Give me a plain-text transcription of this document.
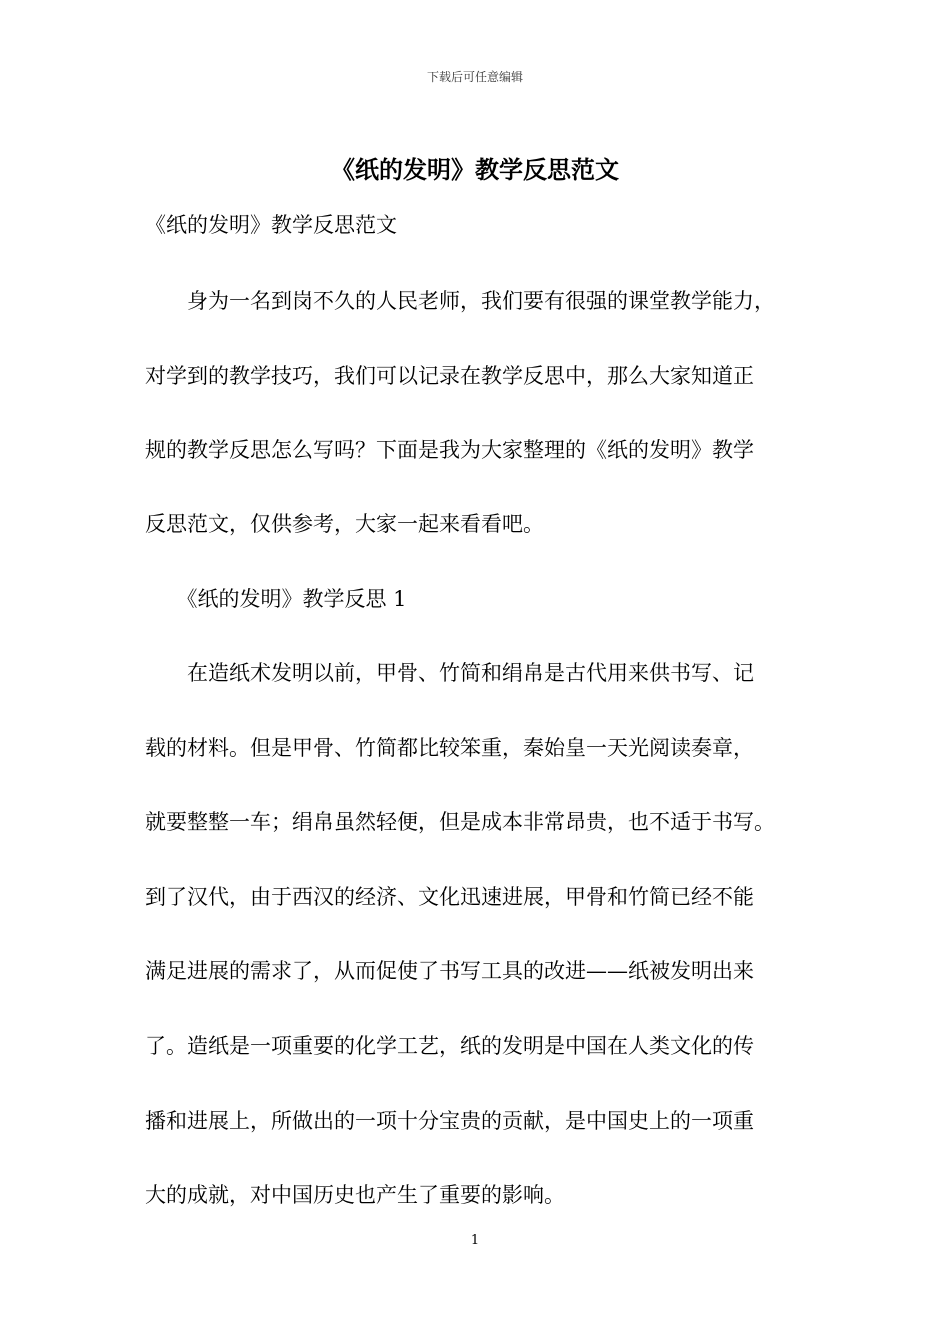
下载后可任意编辑
《纸的发明》教学反思范文
《纸的发明》教学反思范文
　　身为一名到岗不久的人民老师，我们要有很强的课堂教学能力，
对学到的教学技巧，我们可以记录在教学反思中，那么大家知道正
规的教学反思怎么写吗？下面是我为大家整理的《纸的发明》教学
反思范文，仅供参考，大家一起来看看吧。
　　《纸的发明》教学反思 1
　　在造纸术发明以前，甲骨、竹简和绢帛是古代用来供书写、记
载的材料。但是甲骨、竹简都比较笨重，秦始皇一天光阅读奏章，
就要整整一车；绢帛虽然轻便，但是成本非常昂贵，也不适于书写。
到了汉代，由于西汉的经济、文化迅速进展，甲骨和竹简已经不能
满足进展的需求了，从而促使了书写工具的改进——纸被发明出来
了。造纸是一项重要的化学工艺，纸的发明是中国在人类文化的传
播和进展上，所做出的一项十分宝贵的贡献，是中国史上的一项重
大的成就，对中国历史也产生了重要的影响。
1
